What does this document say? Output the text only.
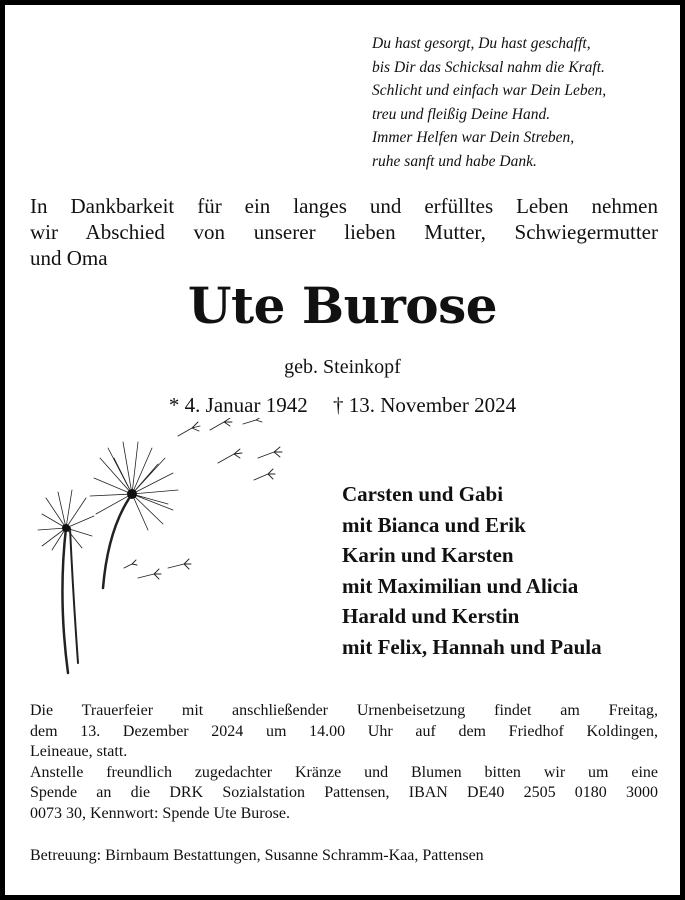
Du hast gesorgt, Du hast geschafft,
bis Dir das Schicksal nahm die Kraft.
Schlicht und einfach war Dein Leben,
treu und fleißig Deine Hand.
Immer Helfen war Dein Streben,
ruhe sanft und habe Dank.
In Dankbarkeit für ein langes und erfülltes Leben nehmen
wir Abschied von unserer lieben Mutter, Schwiegermutter
und Oma
Ute Burose
geb. Steinkopf
* 4. Januar 1942 † 13. November 2024
Carsten und Gabi
mit Bianca und Erik
Karin und Karsten
mit Maximilian und Alicia
Harald und Kerstin
mit Felix, Hannah und Paula
Die Trauerfeier mit anschließender Urnenbeisetzung findet am Freitag,
dem 13. Dezember 2024 um 14.00 Uhr auf dem Friedhof Koldingen,
Leineaue, statt.
Anstelle freundlich zugedachter Kränze und Blumen bitten wir um eine
Spende an die DRK Sozialstation Pattensen, IBAN DE40 2505 0180 3000
0073 30, Kennwort: Spende Ute Burose.
Betreuung: Birnbaum Bestattungen, Susanne Schramm-Kaa, Pattensen
